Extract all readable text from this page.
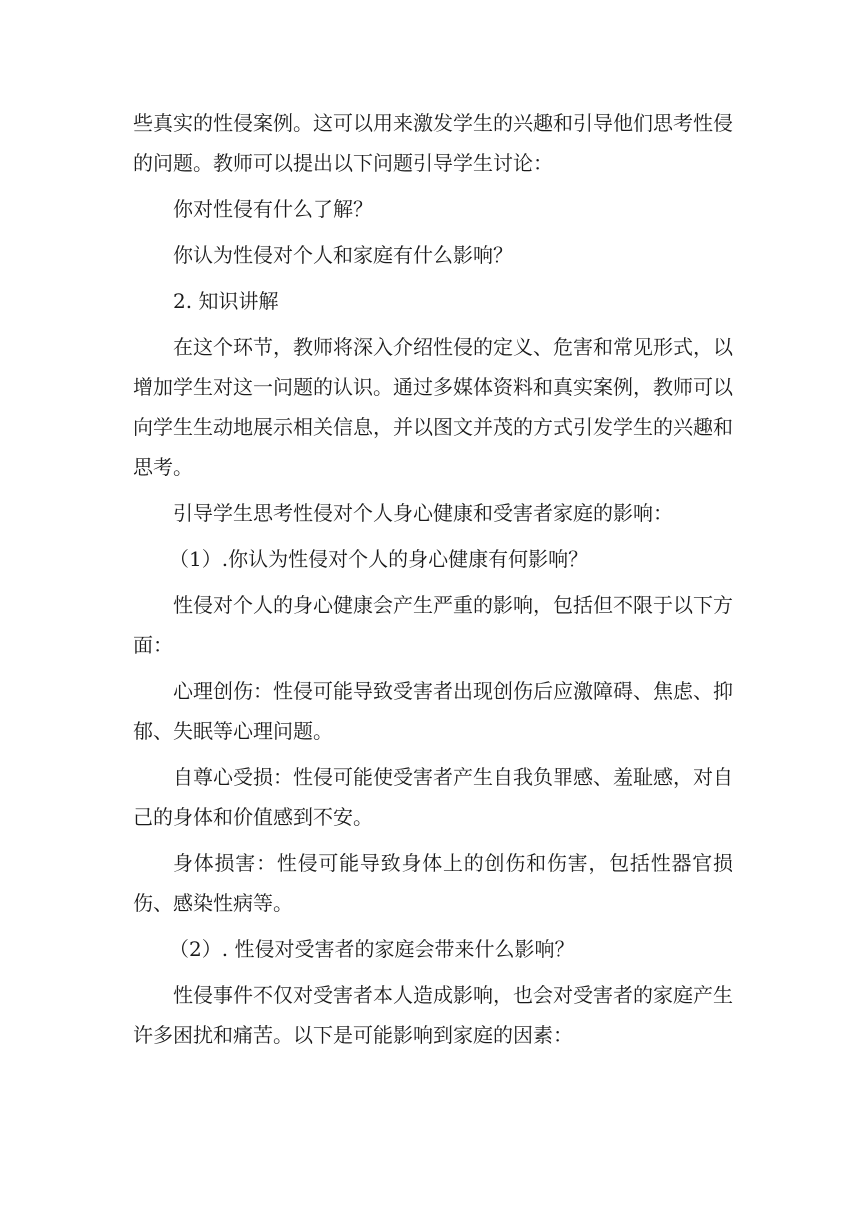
些真实的性侵案例。这可以用来激发学生的兴趣和引导他们思考性侵的问题。教师可以提出以下问题引导学生讨论：

你对性侵有什么了解？

你认为性侵对个人和家庭有什么影响？

2. 知识讲解

在这个环节，教师将深入介绍性侵的定义、危害和常见形式，以增加学生对这一问题的认识。通过多媒体资料和真实案例，教师可以向学生生动地展示相关信息，并以图文并茂的方式引发学生的兴趣和思考。

引导学生思考性侵对个人身心健康和受害者家庭的影响：

（1）.你认为性侵对个人的身心健康有何影响？

性侵对个人的身心健康会产生严重的影响，包括但不限于以下方面：

心理创伤：性侵可能导致受害者出现创伤后应激障碍、焦虑、抑郁、失眠等心理问题。

自尊心受损：性侵可能使受害者产生自我负罪感、羞耻感，对自己的身体和价值感到不安。

身体损害：性侵可能导致身体上的创伤和伤害，包括性器官损伤、感染性病等。

（2）. 性侵对受害者的家庭会带来什么影响？

性侵事件不仅对受害者本人造成影响，也会对受害者的家庭产生许多困扰和痛苦。以下是可能影响到家庭的因素：
